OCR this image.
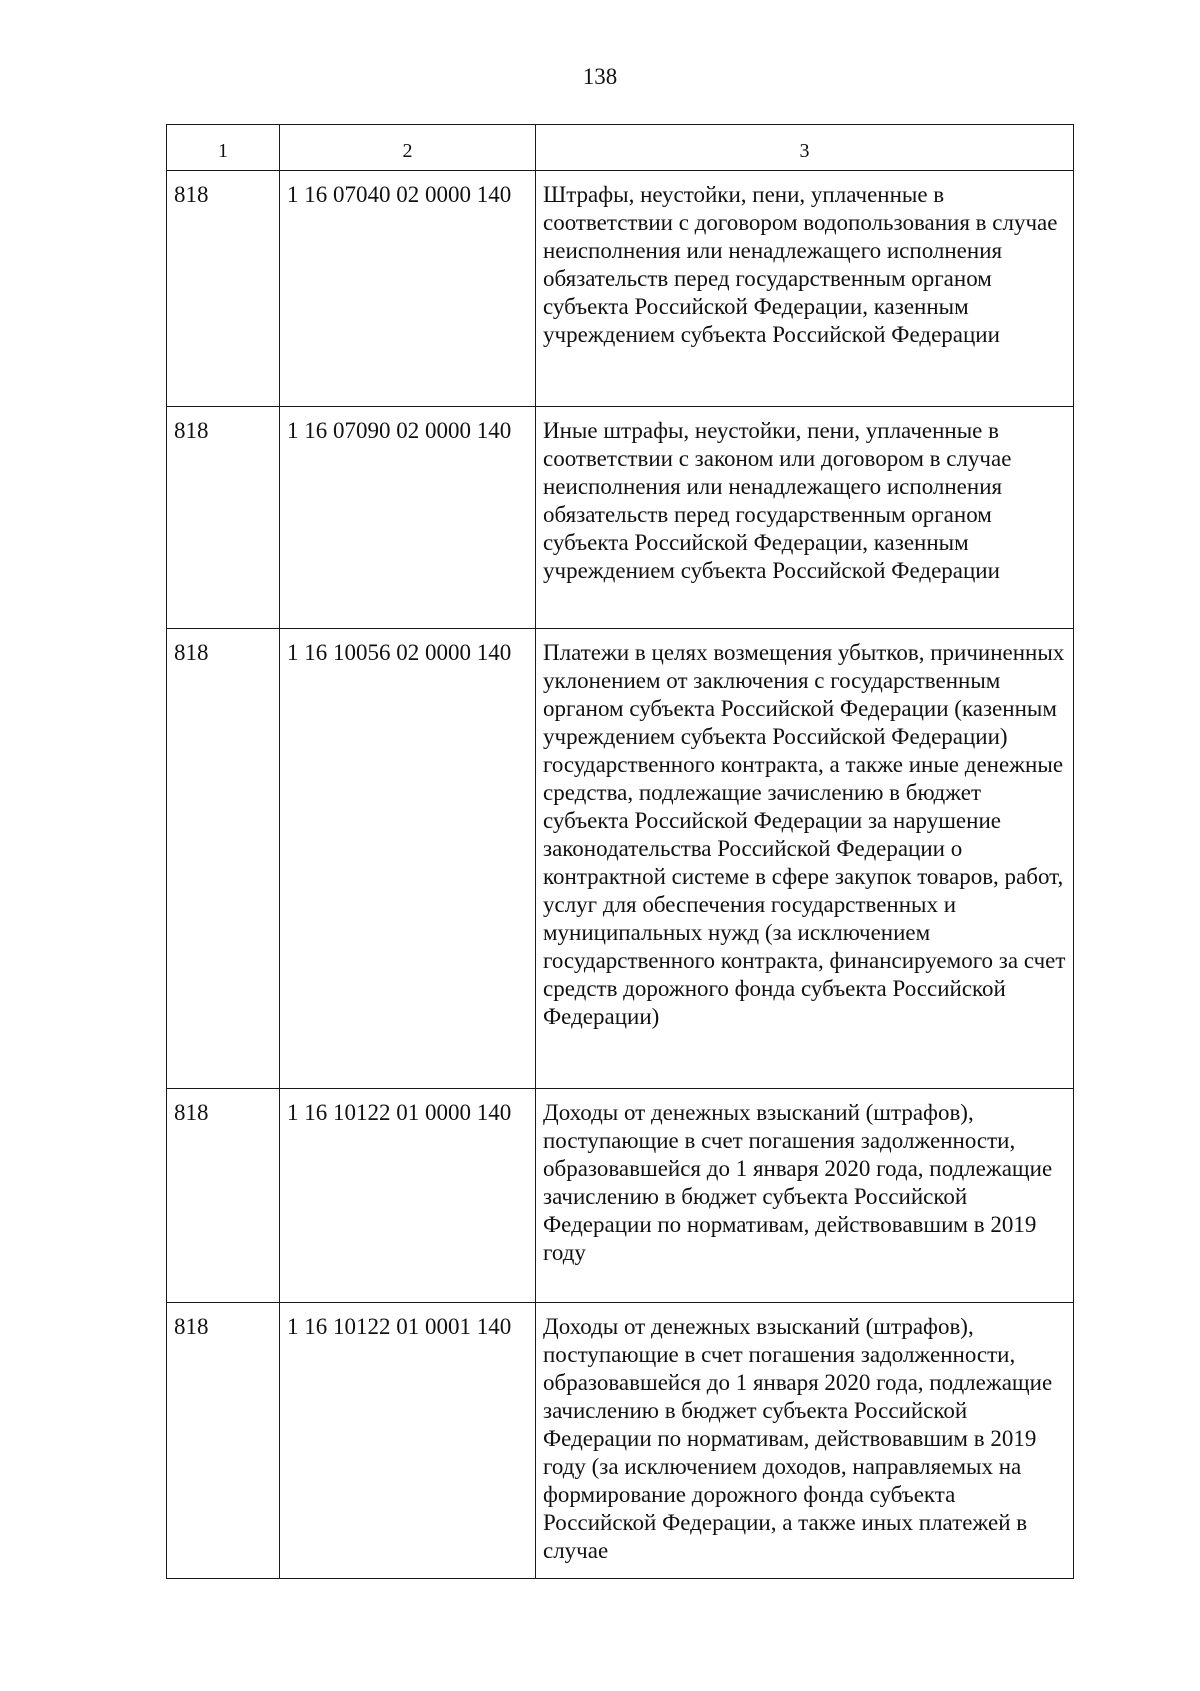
138
1	2	3
818	1 16 07040 02 0000 140	Штрафы, неустойки, пени, уплаченные в соответствии с договором водопользования в случае неисполнения или ненадлежащего исполнения обязательств перед государственным органом субъекта Российской Федерации, казенным учреждением субъекта Российской Федерации
818	1 16 07090 02 0000 140	Иные штрафы, неустойки, пени, уплаченные в соответствии с законом или договором в случае неисполнения или ненадлежащего исполнения обязательств перед государственным органом субъекта Российской Федерации, казенным учреждением субъекта Российской Федерации
818	1 16 10056 02 0000 140	Платежи в целях возмещения убытков, причиненных уклонением от заключения с государственным органом субъекта Российской Федерации (казенным учреждением субъекта Российской Федерации) государственного контракта, а также иные денежные средства, подлежащие зачислению в бюджет субъекта Российской Федерации за нарушение законодательства Российской Федерации о контрактной системе в сфере закупок товаров, работ, услуг для обеспечения государственных и муниципальных нужд (за исключением государственного контракта, финансируемого за счет средств дорожного фонда субъекта Российской Федерации)
818	1 16 10122 01 0000 140	Доходы от денежных взысканий (штрафов), поступающие в счет погашения задолженности, образовавшейся до 1 января 2020 года, подлежащие зачислению в бюджет субъекта Российской Федерации по нормативам, действовавшим в 2019 году
818	1 16 10122 01 0001 140	Доходы от денежных взысканий (штрафов), поступающие в счет погашения задолженности, образовавшейся до 1 января 2020 года, подлежащие зачислению в бюджет субъекта Российской Федерации по нормативам, действовавшим в 2019 году (за исключением доходов, направляемых на формирование дорожного фонда субъекта Российской Федерации, а также иных платежей в случае
